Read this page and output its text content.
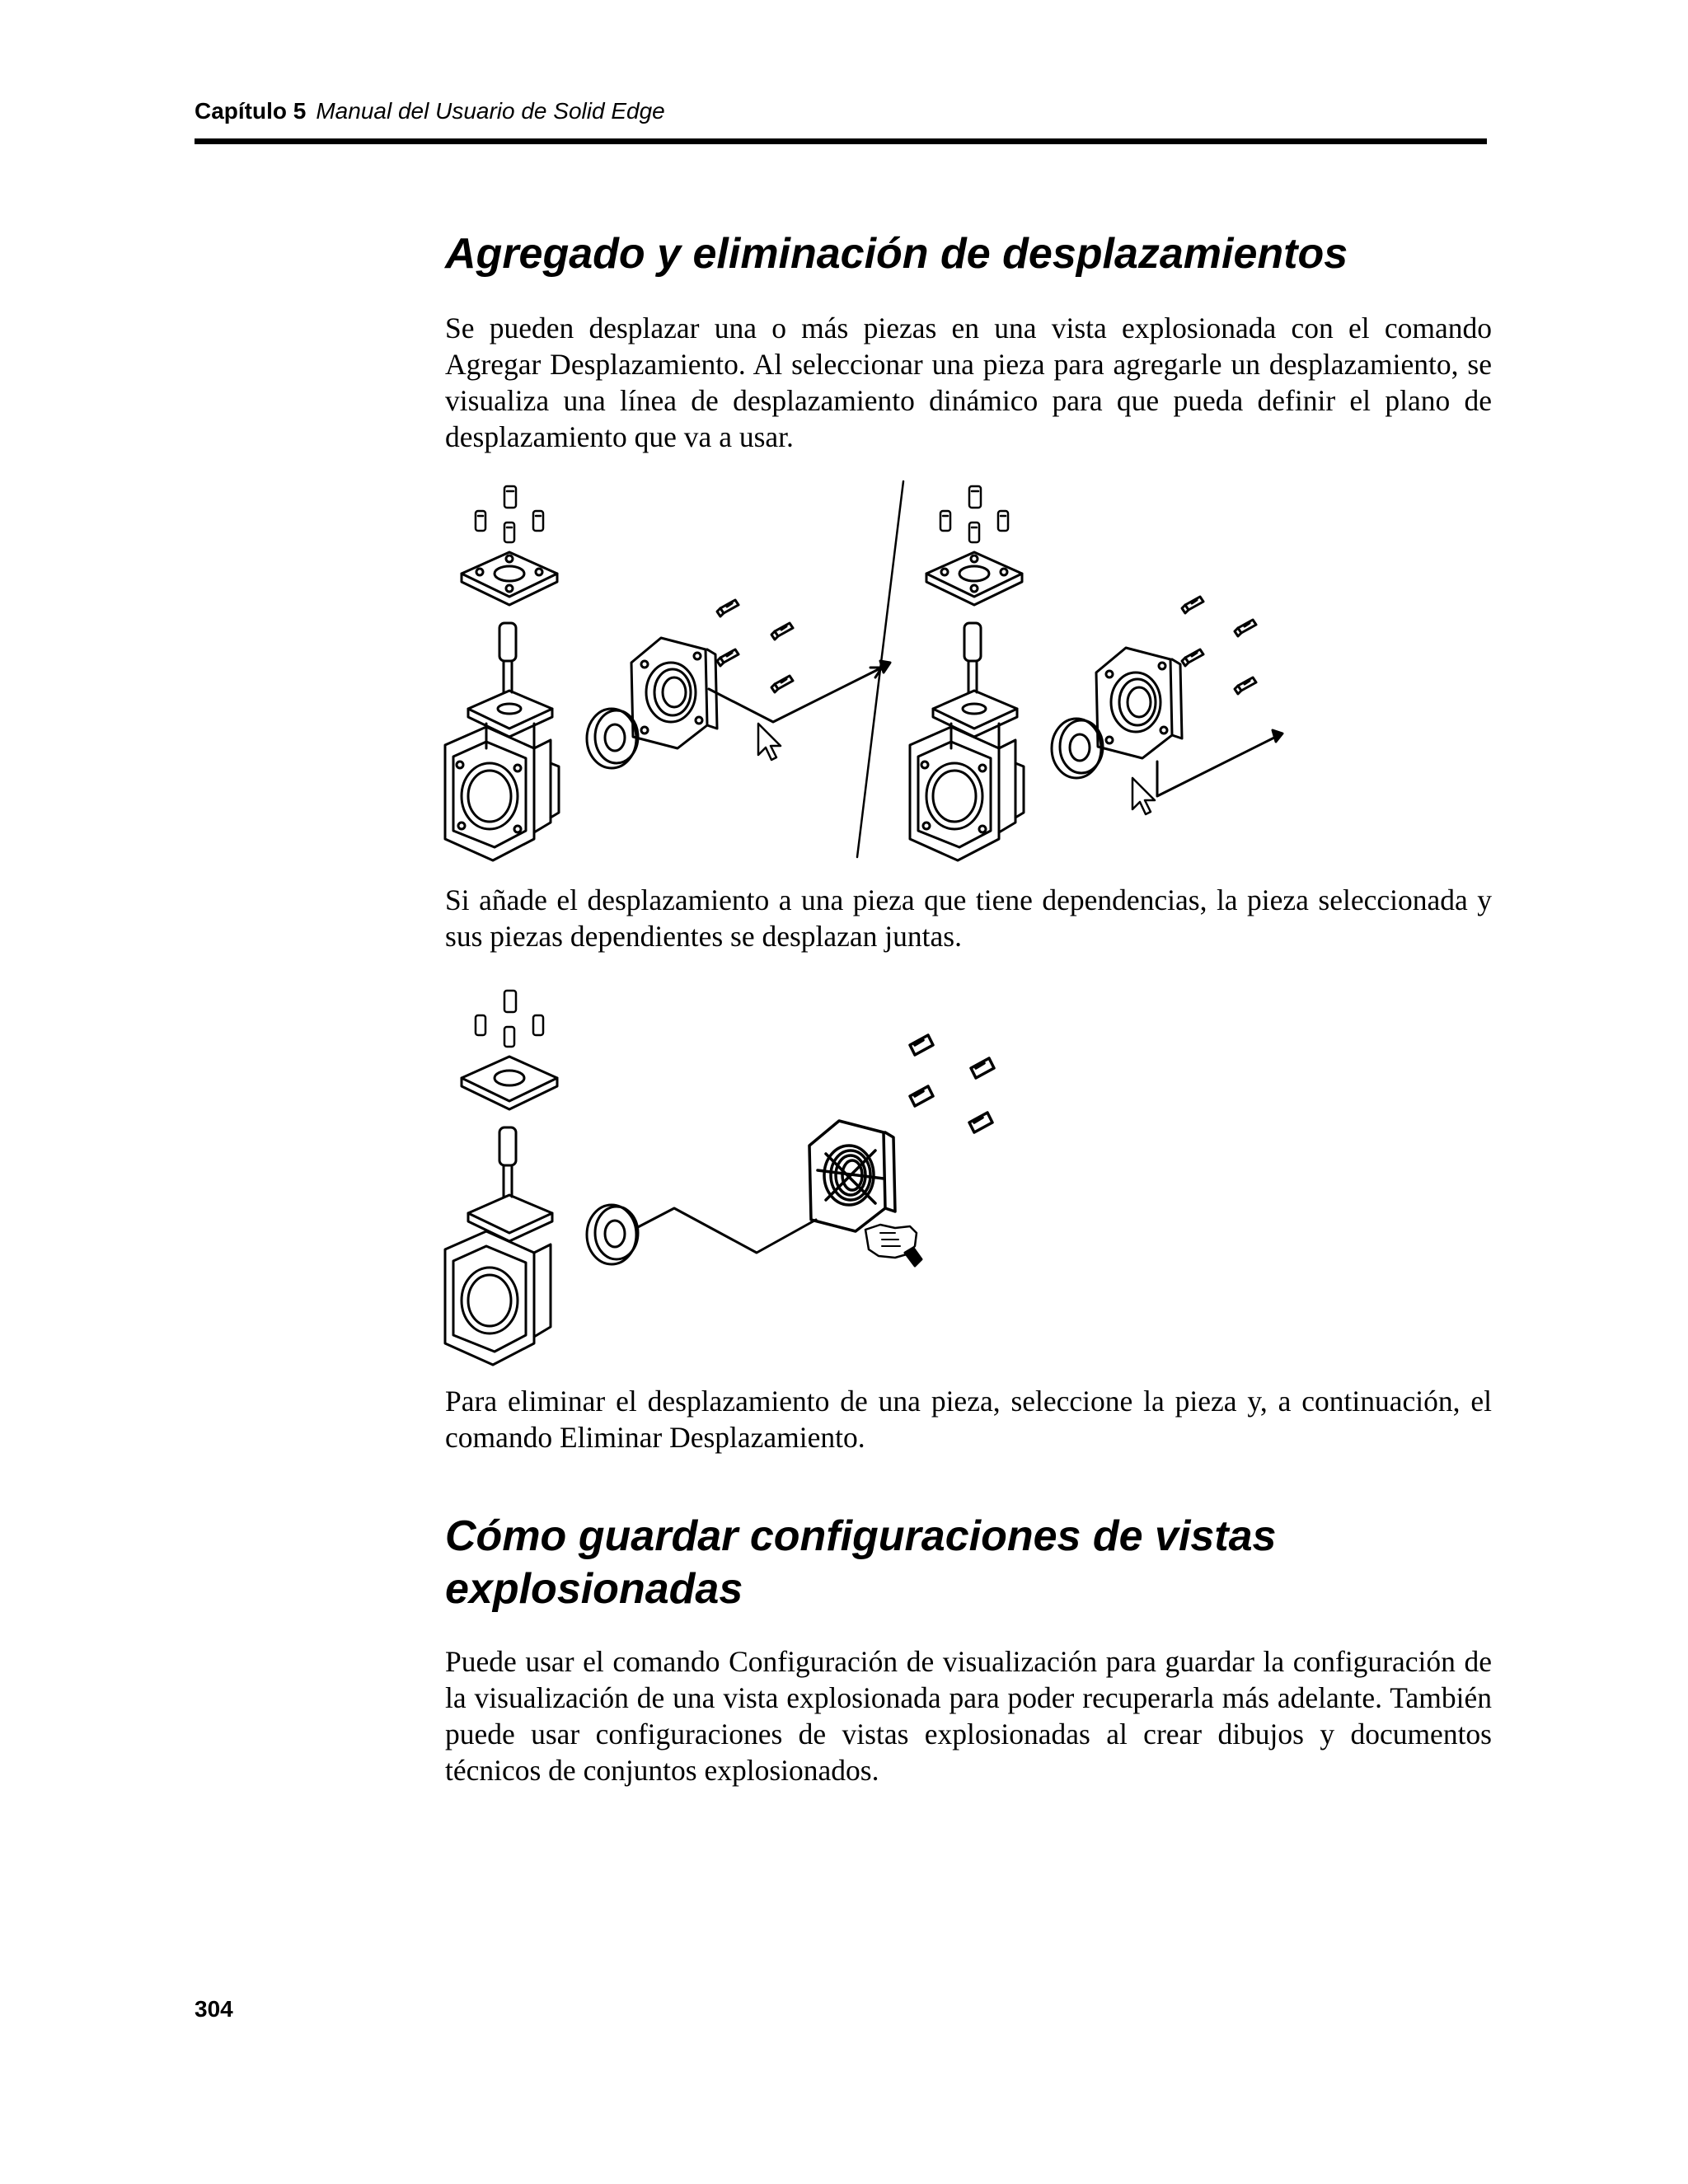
Capítulo 5 Manual del Usuario de Solid Edge
Agregado y eliminación de desplazamientos

Se pueden desplazar una o más piezas en una vista explosionada con el comando Agregar Desplazamiento. Al seleccionar una pieza para agregarle un desplazamiento, se visualiza una línea de desplazamiento dinámico para que pueda definir el plano de desplazamiento que va a usar.

Si añade el desplazamiento a una pieza que tiene dependencias, la pieza seleccionada y sus piezas dependientes se desplazan juntas.

Para eliminar el desplazamiento de una pieza, seleccione la pieza y, a continuación, el comando Eliminar Desplazamiento.

Cómo guardar configuraciones de vistas explosionadas

Puede usar el comando Configuración de visualización para guardar la configuración de la visualización de una vista explosionada para poder recuperarla más adelante. También puede usar configuraciones de vistas explosionadas al crear dibujos y documentos técnicos de conjuntos explosionados.

304
